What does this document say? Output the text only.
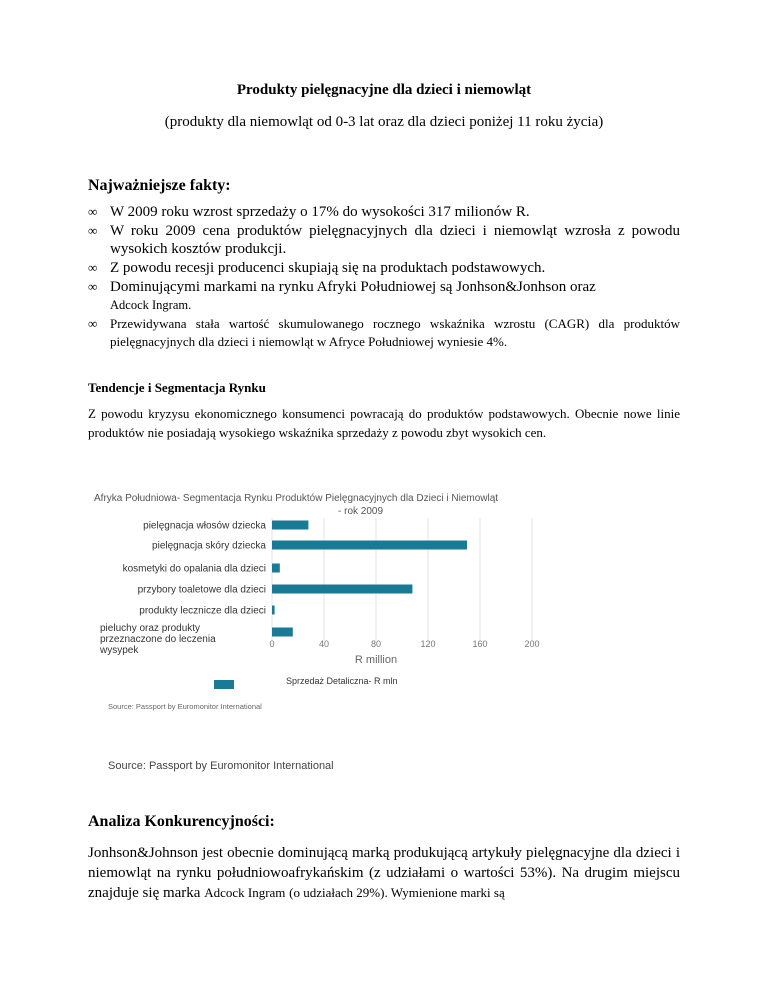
Produkty pielęgnacyjne dla dzieci i niemowląt
(produkty dla niemowląt od 0-3 lat oraz dla dzieci poniżej 11 roku życia)
Najważniejsze fakty:
∞ W 2009 roku wzrost sprzedaży o 17% do wysokości 317 milionów R.
∞ W roku 2009 cena produktów pielęgnacyjnych dla dzieci i niemowląt wzrosła z powodu wysokich kosztów produkcji.
∞ Z powodu recesji producenci skupiają się na produktach podstawowych.
∞ Dominującymi markami na rynku Afryki Południowej są Jonhson&Jonhson oraz
Adcock Ingram.
∞ Przewidywana stała wartość skumulowanego rocznego wskaźnika wzrostu (CAGR) dla produktów pielęgnacyjnych dla dzieci i niemowląt w Afryce Południowej wyniesie 4%.
Tendencje i Segmentacja Rynku
Z powodu kryzysu ekonomicznego konsumenci powracają do produktów podstawowych. Obecnie nowe linie produktów nie posiadają wysokiego wskaźnika sprzedaży z powodu zbyt wysokich cen.
Afryka Południowa- Segmentacja Rynku Produktów Pielęgnacyjnych dla Dzieci i Niemowląt
- rok 2009
pielęgnacja włosów dziecka
pielęgnacja skóry dziecka
kosmetyki do opalania dla dzieci
przybory toaletowe dla dzieci
produkty lecznicze dla dzieci
pieluchy oraz produkty
przeznaczone do leczenia
wysypek
0	40	80	120	160	200
R million
Sprzedaż Detaliczna- R mln
Source: Passport by Euromonitor International
Source: Passport by Euromonitor International
Analiza Konkurencyjności:
Jonhson&Johnson jest obecnie dominującą marką produkującą artykuły pielęgnacyjne dla dzieci i niemowląt na rynku południowoafrykańskim (z udziałami o wartości 53%). Na drugim miejscu znajduje się marka Adcock Ingram (o udziałach 29%). Wymienione marki są
